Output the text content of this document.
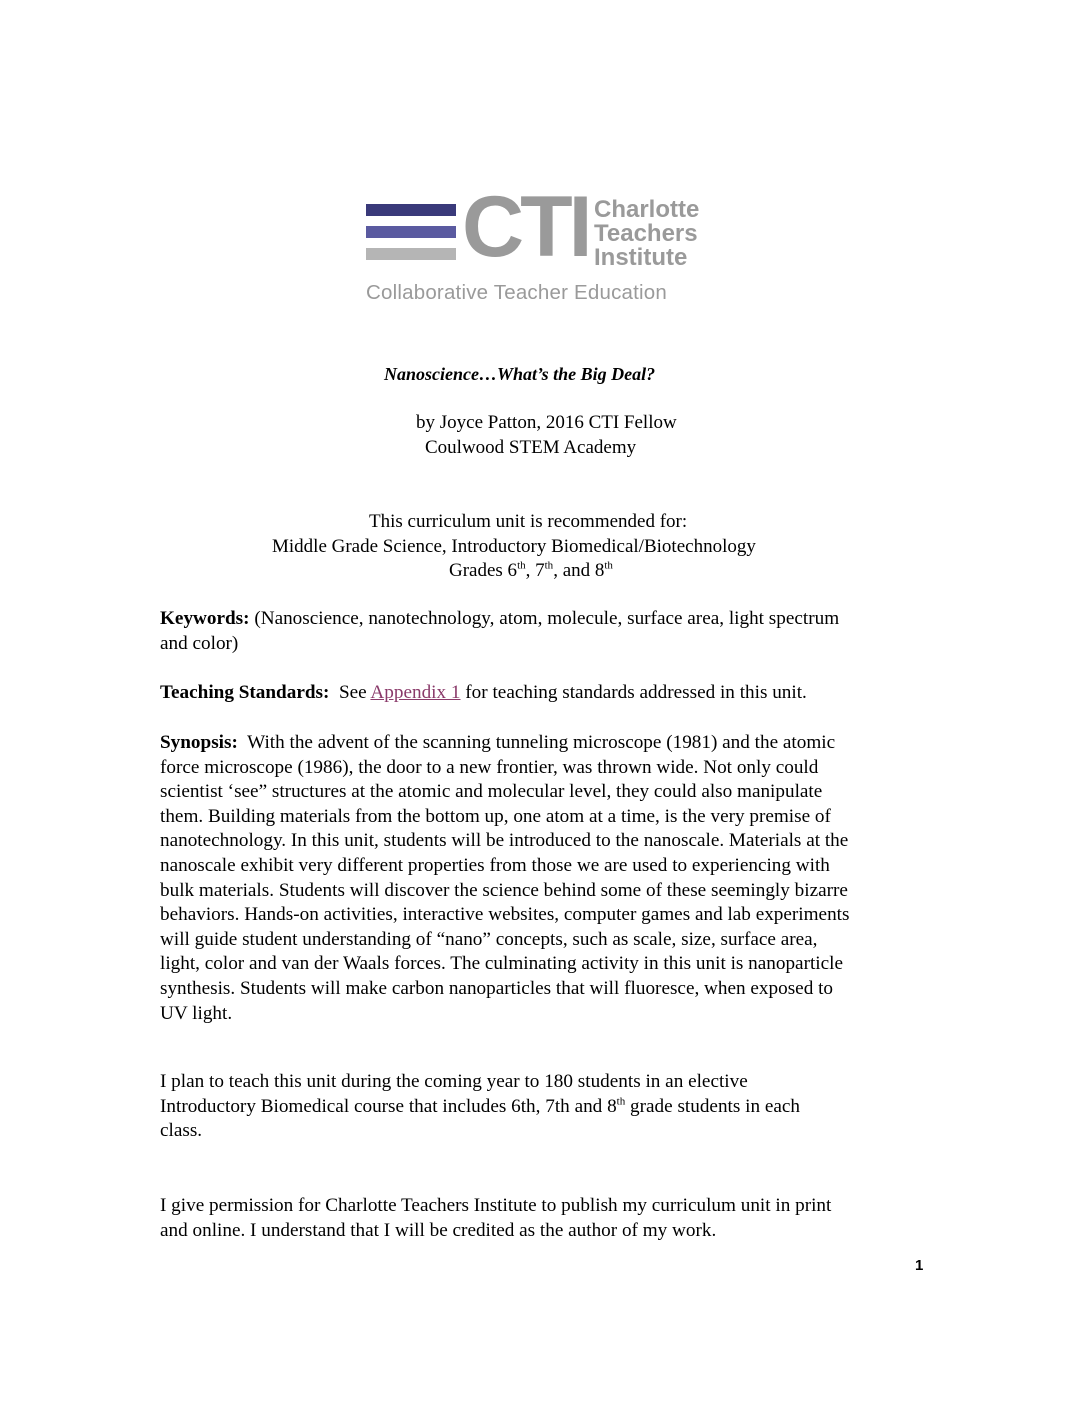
CTI Charlotte
Teachers
Institute
Collaborative Teacher Education
Nanoscience…What’s the Big Deal?
by Joyce Patton, 2016 CTI Fellow
Coulwood STEM Academy
This curriculum unit is recommended for:
Middle Grade Science, Introductory Biomedical/Biotechnology
Grades 6th, 7th, and 8th
Keywords: (Nanoscience, nanotechnology, atom, molecule, surface area, light spectrum
and color)
Teaching Standards:  See Appendix 1 for teaching standards addressed in this unit.
Synopsis:  With the advent of the scanning tunneling microscope (1981) and the atomic
force microscope (1986), the door to a new frontier, was thrown wide. Not only could
scientist ‘see” structures at the atomic and molecular level, they could also manipulate
them. Building materials from the bottom up, one atom at a time, is the very premise of
nanotechnology. In this unit, students will be introduced to the nanoscale. Materials at the
nanoscale exhibit very different properties from those we are used to experiencing with
bulk materials. Students will discover the science behind some of these seemingly bizarre
behaviors. Hands-on activities, interactive websites, computer games and lab experiments
will guide student understanding of “nano” concepts, such as scale, size, surface area,
light, color and van der Waals forces. The culminating activity in this unit is nanoparticle
synthesis. Students will make carbon nanoparticles that will fluoresce, when exposed to
UV light.
I plan to teach this unit during the coming year to 180 students in an elective
Introductory Biomedical course that includes 6th, 7th and 8th grade students in each
class.
I give permission for Charlotte Teachers Institute to publish my curriculum unit in print
and online. I understand that I will be credited as the author of my work.
1
